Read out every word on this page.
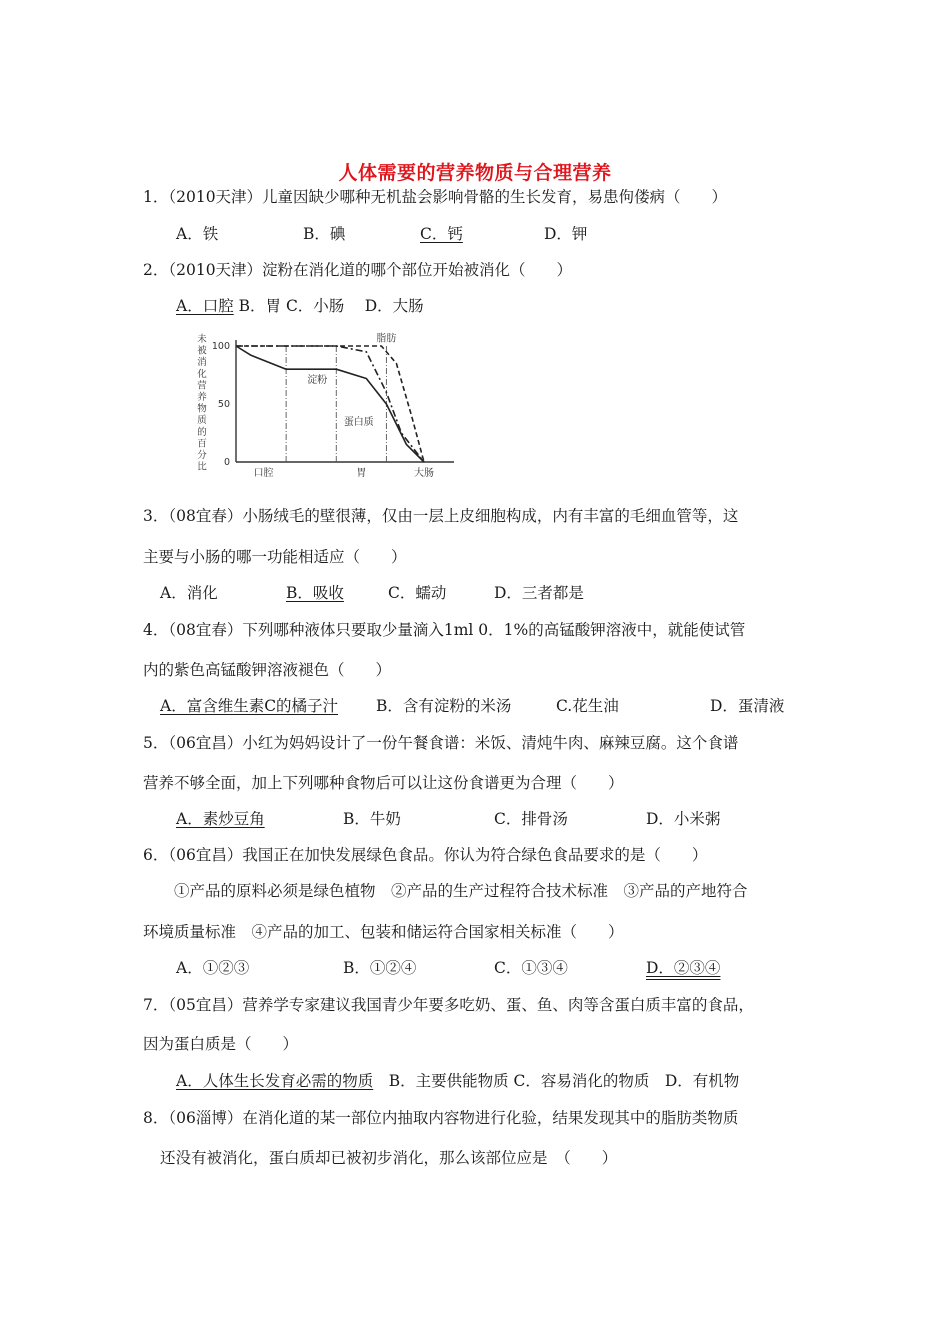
人体需要的营养物质与合理营养
1．（2010天津）儿童因缺少哪种无机盐会影响骨骼的生长发育，易患佝偻病（　　）
A．铁	B．碘	C．钙	D．钾
2．（2010天津）淀粉在消化道的哪个部位开始被消化（　　）
A．口腔 B．胃 C．小肠　 D．大肠
未
被
消
化
营
养
物
质
的
百
分
比 0
50
100
口腔	胃	大肠
淀粉
蛋白质
脂肪
3．（08宜春）小肠绒毛的壁很薄，仅由一层上皮细胞构成，内有丰富的毛细血管等，这
主要与小肠的哪一功能相适应（　　）
A．消化	B．吸收	C．蠕动	D．三者都是
4．（08宜春）下列哪种液体只要取少量滴入1ml 0．1%的高锰酸钾溶液中，就能使试管
内的紫色高锰酸钾溶液褪色（　　）
A．富含维生素C的橘子汁 B．含有淀粉的米汤	C.花生油	D．蛋清液
5．（06宜昌）小红为妈妈设计了一份午餐食谱：米饭、清炖牛肉、麻辣豆腐。这个食谱
营养不够全面，加上下列哪种食物后可以让这份食谱更为合理（　　）
A．素炒豆角	B．牛奶	C．排骨汤	D．小米粥
6．（06宜昌）我国正在加快发展绿色食品。你认为符合绿色食品要求的是（　　）
①产品的原料必须是绿色植物　②产品的生产过程符合技术标准　③产品的产地符合
环境质量标准　④产品的加工、包装和储运符合国家相关标准（　　）
A．①②③	B．①②④	C．①③④	D．②③④
7．（05宜昌）营养学专家建议我国青少年要多吃奶、蛋、鱼、肉等含蛋白质丰富的食品，
因为蛋白质是（　　）
A．人体生长发育必需的物质　B．主要供能物质 C．容易消化的物质　D．有机物
8．（06淄博）在消化道的某一部位内抽取内容物进行化验，结果发现其中的脂肪类物质
还没有被消化，蛋白质却已被初步消化，那么该部位应是　（　　）
